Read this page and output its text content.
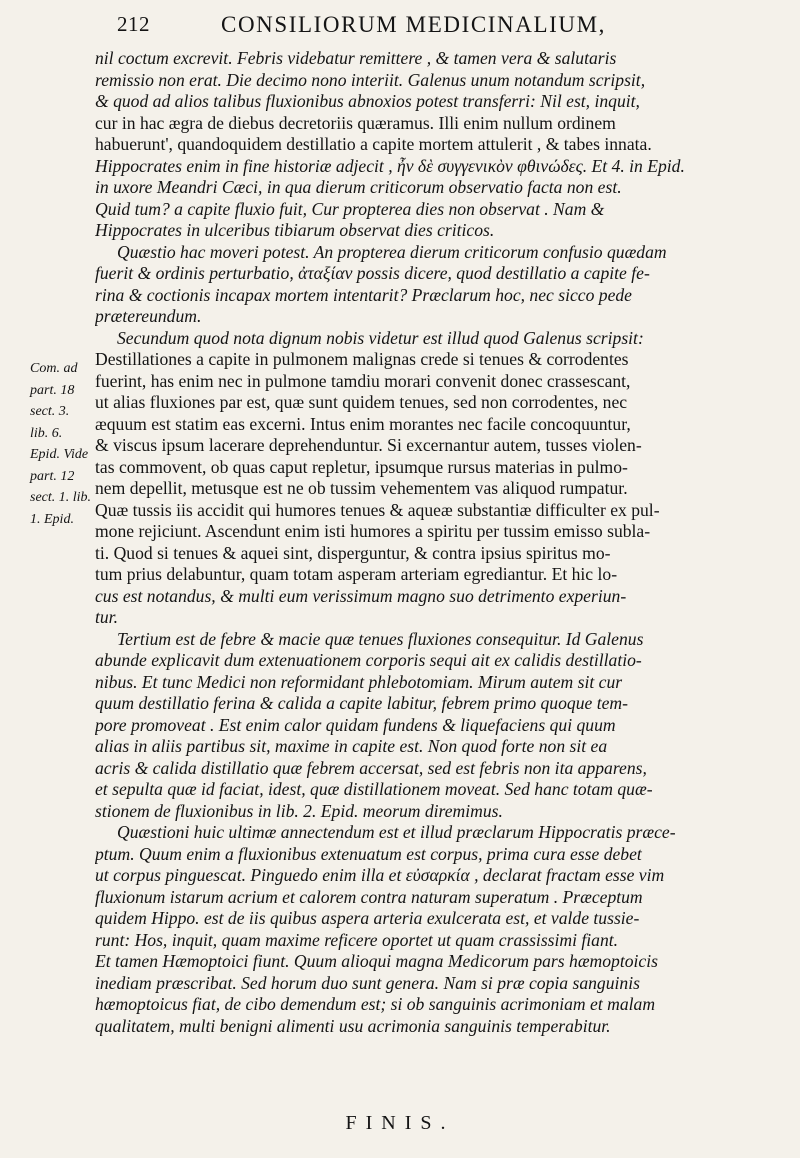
212	CONSILIORUM MEDICINALIUM,
Com. ad
part. 18
sect. 3.
lib. 6.
Epid. Vide
part. 12
sect. 1. lib.
1. Epid.

nil coctum excrevit. Febris videbatur remittere , & tamen vera & salutaris
remissio non erat. Die decimo nono interiit. Galenus unum notandum scripsit,
& quod ad alios talibus fluxionibus abnoxios potest transferri: Nil est, inquit,
cur in hac ægra de diebus decretoriis quæramus. Illi enim nullum ordinem
habuerunt', quandoquidem destillatio a capite mortem attulerit , & tabes innata.
Hippocrates enim in fine historiæ adjecit , ἦν δὲ συγγενικὸν φθινώδες. Et 4. in Epid.
in uxore Meandri Cæci, in qua dierum criticorum observatio facta non est.
Quid tum? a capite fluxio fuit, Cur propterea dies non observat . Nam &
Hippocrates in ulceribus tibiarum observat dies criticos.

Quæstio hac moveri potest. An propterea dierum criticorum confusio quædam
fuerit & ordinis perturbatio, ἀταξίαν possis dicere, quod destillatio a capite fe-
rina & coctionis incapax mortem intentarit? Præclarum hoc, nec sicco pede
prætereundum.

Secundum quod nota dignum nobis videtur est illud quod Galenus scripsit:
Destillationes a capite in pulmonem malignas crede si tenues & corrodentes
fuerint, has enim nec in pulmone tamdiu morari convenit donec crassescant,
ut alias fluxiones par est, quæ sunt quidem tenues, sed non corrodentes, nec
æquum est statim eas excerni. Intus enim morantes nec facile concoquuntur,
& viscus ipsum lacerare deprehenduntur. Si excernantur autem, tusses violen-
tas commovent, ob quas caput repletur, ipsumque rursus materias in pulmo-
nem depellit, metusque est ne ob tussim vehementem vas aliquod rumpatur.
Quæ tussis iis accidit qui humores tenues & aqueæ substantiæ difficulter ex pul-
mone rejiciunt. Ascendunt enim isti humores a spiritu per tussim emisso subla-
ti. Quod si tenues & aquei sint, disperguntur, & contra ipsius spiritus mo-
tum prius delabuntur, quam totam asperam arteriam egrediantur. Et hic lo-
cus est notandus, & multi eum verissimum magno suo detrimento experiun-
tur.

Tertium est de febre & macie quæ tenues fluxiones consequitur. Id Galenus
abunde explicavit dum extenuationem corporis sequi ait ex calidis destillatio-
nibus. Et tunc Medici non reformidant phlebotomiam. Mirum autem sit cur
quum destillatio ferina & calida a capite labitur, febrem primo quoque tem-
pore promoveat . Est enim calor quidam fundens & liquefaciens qui quum
alias in aliis partibus sit, maxime in capite est. Non quod forte non sit ea
acris & calida distillatio quæ febrem accersat, sed est febris non ita apparens,
et sepulta quæ id faciat, idest, quæ distillationem moveat. Sed hanc totam quæ-
stionem de fluxionibus in lib. 2. Epid. meorum diremimus.

Quæstioni huic ultimæ annectendum est et illud præclarum Hippocratis præce-
ptum. Quum enim a fluxionibus extenuatum est corpus, prima cura esse debet
ut corpus pinguescat. Pinguedo enim illa et εὐσαρκία , declarat fractam esse vim
fluxionum istarum acrium et calorem contra naturam superatum . Præceptum
quidem Hippo. est de iis quibus aspera arteria exulcerata est, et valde tussie-
runt: Hos, inquit, quam maxime reficere oportet ut quam crassissimi fiant.
Et tamen Hæmoptoici fiunt. Quum alioqui magna Medicorum pars hæmoptoicis
inediam præscribat. Sed horum duo sunt genera. Nam si præ copia sanguinis
hæmoptoicus fiat, de cibo demendum est; si ob sanguinis acrimoniam et malam
qualitatem, multi benigni alimenti usu acrimonia sanguinis temperabitur.

FINIS.
